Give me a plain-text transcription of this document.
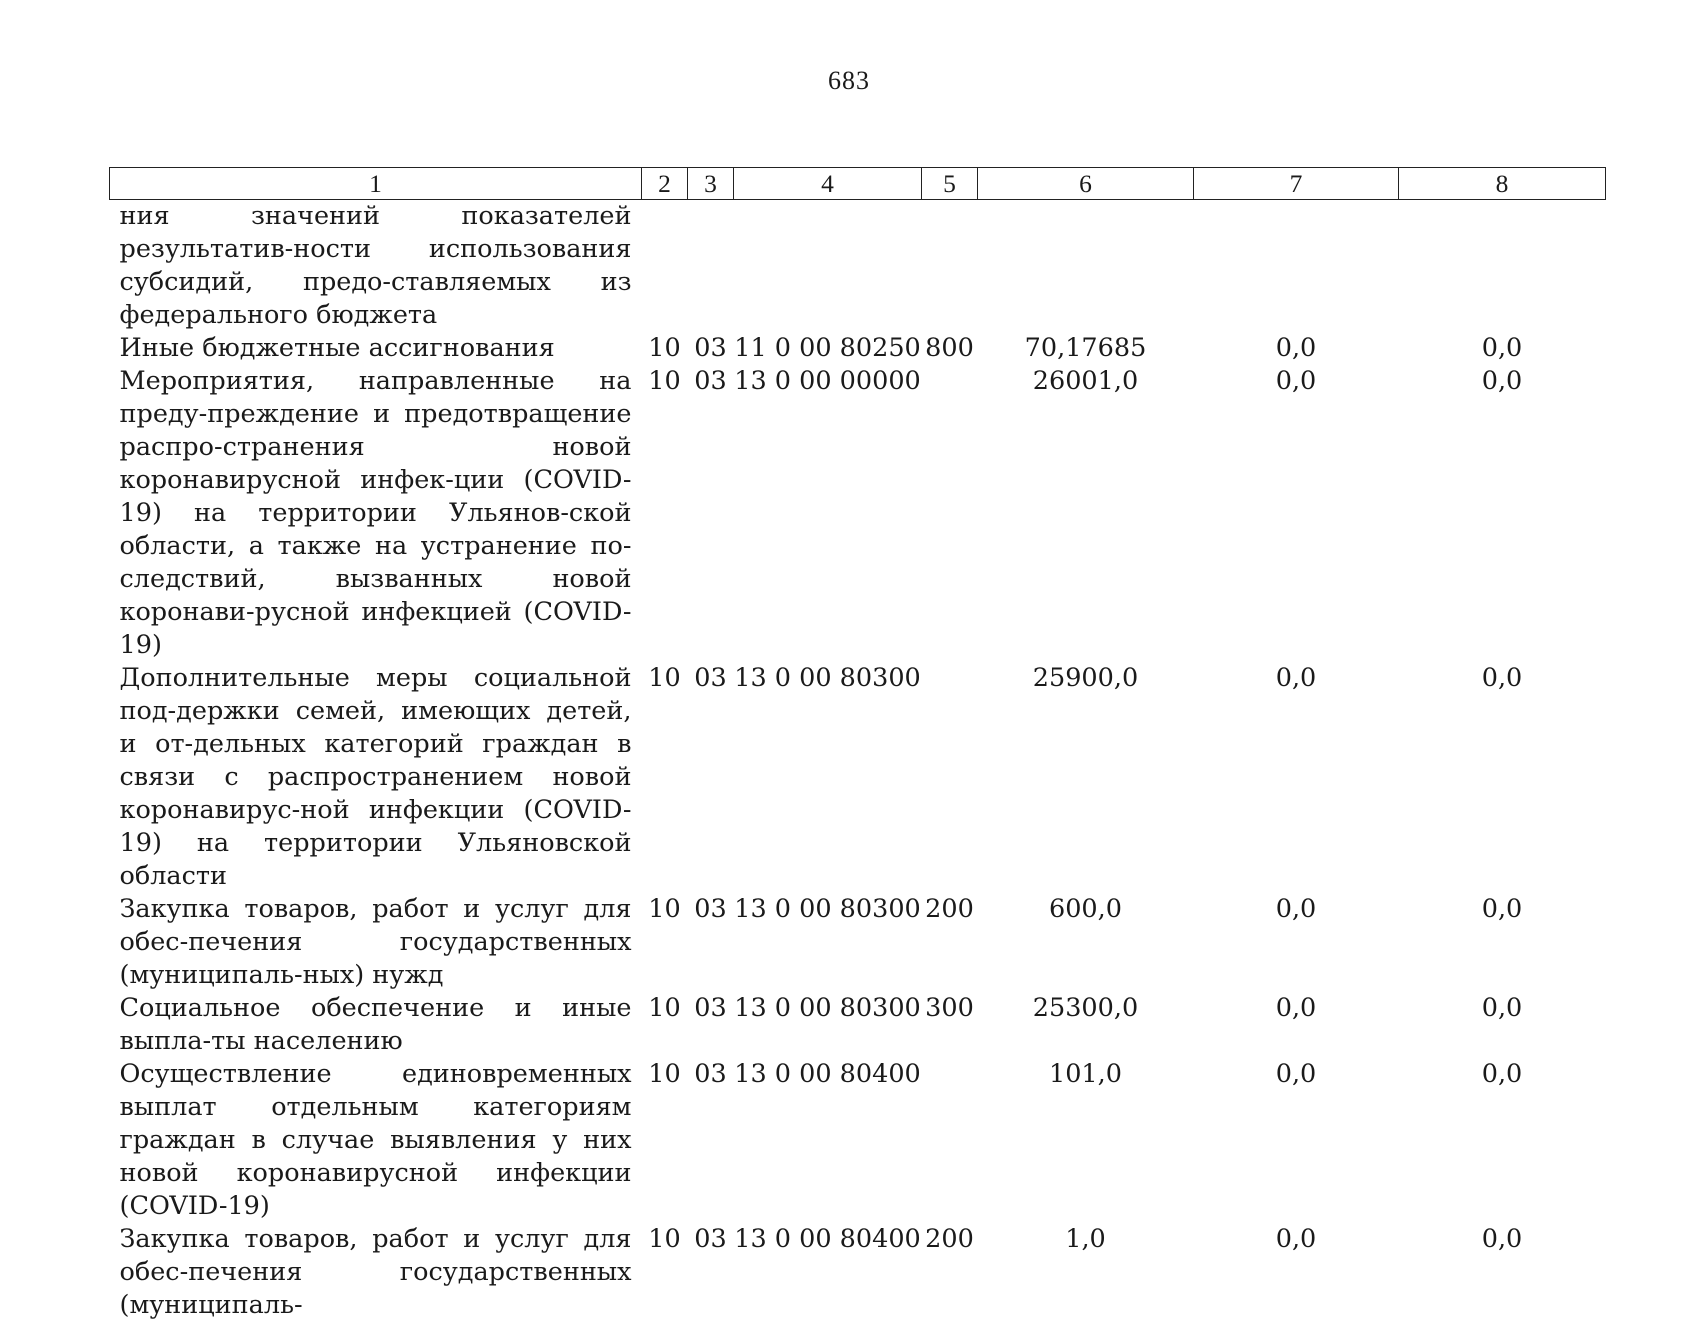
683
1	2	3	4	5	6	7	8
ния значений показателей результатив-ности использования субсидий, предо-ставляемых из федерального бюджета							
Иные бюджетные ассигнования	10	03	11 0 00 80250	800	70,17685	0,0	0,0
Мероприятия, направленные на преду-преждение и предотвращение распро-странения новой коронавирусной инфек-ции (COVID-19) на территории Ульянов-ской области, а также на устранение по-следствий, вызванных новой коронави-русной инфекцией (COVID-19)	10	03	13 0 00 00000		26001,0	0,0	0,0
Дополнительные меры социальной под-держки семей, имеющих детей, и от-дельных категорий граждан в связи с распространением новой коронавирус-ной инфекции (COVID-19) на территории Ульяновской области	10	03	13 0 00 80300		25900,0	0,0	0,0
Закупка товаров, работ и услуг для обес-печения государственных (муниципаль-ных) нужд	10	03	13 0 00 80300	200	600,0	0,0	0,0
Социальное обеспечение и иные выпла-ты населению	10	03	13 0 00 80300	300	25300,0	0,0	0,0
Осуществление единовременных выплат отдельным категориям граждан в случае выявления у них новой коронавирусной инфекции (COVID-19)	10	03	13 0 00 80400		101,0	0,0	0,0
Закупка товаров, работ и услуг для обес-печения государственных (муниципаль-	10	03	13 0 00 80400	200	1,0	0,0	0,0
